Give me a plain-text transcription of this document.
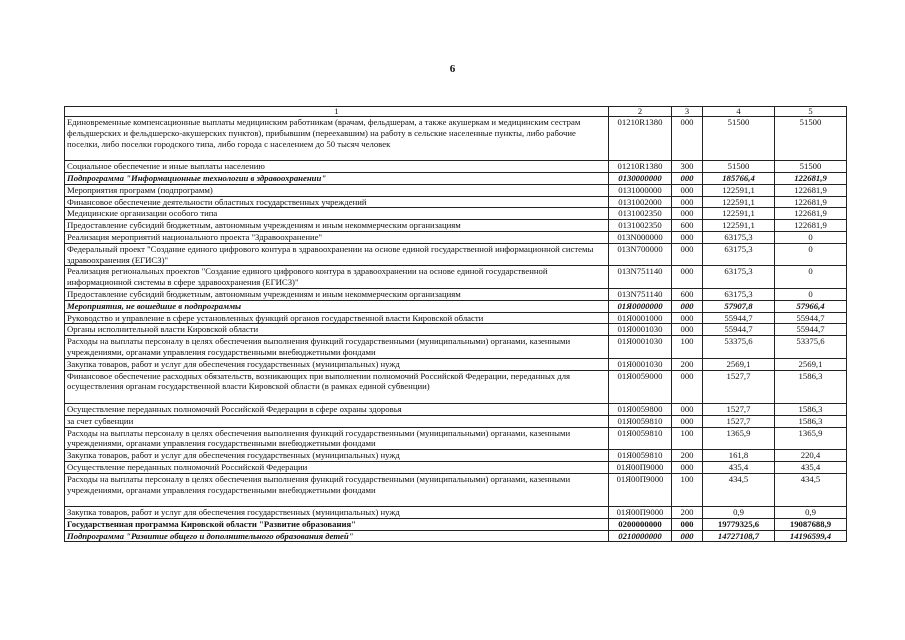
6
1	2	3	4	5
Единовременные компенсационные выплаты медицинским работникам (врачам, фельдшерам, а также акушеркам и медицинским сестрам фельдшерских и фельдшерско-акушерских пунктов), прибывшим (переехавшим) на работу в сельские населенные пункты, либо рабочие поселки, либо поселки городского типа, либо города с населением до 50 тысяч человек	01210R1380	000	51500	51500
Социальное обеспечение и иные выплаты населению	01210R1380	300	51500	51500
Подпрограмма "Информационные технологии в здравоохранении"	0130000000	000	185766,4	122681,9
Мероприятия программ (подпрограмм)	0131000000	000	122591,1	122681,9
Финансовое обеспечение деятельности областных государственных учреждений	0131002000	000	122591,1	122681,9
Медицинские организации особого типа	0131002350	000	122591,1	122681,9
Предоставление субсидий бюджетным, автономным учреждениям и иным некоммерческим организациям	0131002350	600	122591,1	122681,9
Реализация мероприятий национального проекта "Здравоохранение"	013N000000	000	63175,3	0
Федеральный проект "Создание единого цифрового контура в здравоохранении на основе единой государственной информационной системы здравоохранения (ЕГИСЗ)"	013N700000	000	63175,3	0
Реализация региональных проектов "Создание единого цифрового контура в здравоохранении на основе единой государственной информационной системы в сфере здравоохранения (ЕГИСЗ)"	013N751140	000	63175,3	0
Предоставление субсидий бюджетным, автономным учреждениям и иным некоммерческим организациям	013N751140	600	63175,3	0
Мероприятия, не вошедшие в подпрограммы	01Я0000000	000	57907,8	57966,4
Руководство и управление в сфере установленных функций органов государственной власти Кировской области	01Я0001000	000	55944,7	55944,7
Органы исполнительной власти Кировской области	01Я0001030	000	55944,7	55944,7
Расходы на выплаты персоналу в целях обеспечения выполнения функций государственными (муниципальными) органами, казенными учреждениями, органами управления государственными внебюджетными фондами	01Я0001030	100	53375,6	53375,6
Закупка товаров, работ и услуг для обеспечения государственных (муниципальных) нужд	01Я0001030	200	2569,1	2569,1
Финансовое обеспечение расходных обязательств, возникающих при выполнении полномочий Российской Федерации, переданных для осуществления органам государственной власти Кировской области (в рамках единой субвенции)	01Я0059000	000	1527,7	1586,3
Осуществление переданных полномочий Российской Федерации в сфере охраны здоровья	01Я0059800	000	1527,7	1586,3
за счет субвенции	01Я0059810	000	1527,7	1586,3
Расходы на выплаты персоналу в целях обеспечения выполнения функций государственными (муниципальными) органами, казенными учреждениями, органами управления государственными внебюджетными фондами	01Я0059810	100	1365,9	1365,9
Закупка товаров, работ и услуг для обеспечения государственных (муниципальных) нужд	01Я0059810	200	161,8	220,4
Осуществление переданных полномочий Российской Федерации	01Я00П9000	000	435,4	435,4
Расходы на выплаты персоналу в целях обеспечения выполнения функций государственными (муниципальными) органами, казенными учреждениями, органами управления государственными внебюджетными фондами	01Я00П9000	100	434,5	434,5
Закупка товаров, работ и услуг для обеспечения государственных (муниципальных) нужд	01Я00П9000	200	0,9	0,9
Государственная программа Кировской области "Развитие образования"	0200000000	000	19779325,6	19087688,9
Подпрограмма "Развитие общего и дополнительного образования детей"	0210000000	000	14727108,7	14196599,4
